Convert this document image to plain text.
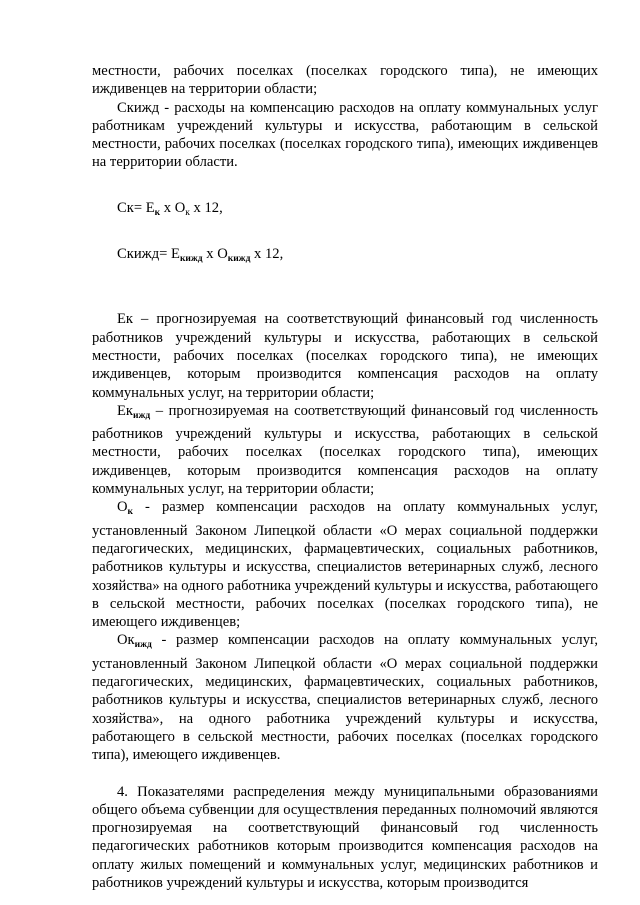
местности, рабочих поселках (поселках городского типа), не имеющих иждивенцев на территории области;

Скижд - расходы на компенсацию расходов на оплату коммунальных услуг работникам учреждений культуры и искусства, работающим в сельской местности, рабочих поселках (поселках городского типа), имеющих иждивенцев на территории области.

$Ск= Е_к$ х $О_к$ х 12,

Скижд= $Е_{кижд}$ х $О_{кижд}$ х 12,

Ек – прогнозируемая на соответствующий финансовый год численность работников учреждений культуры и искусства, работающих в сельской местности, рабочих поселках (поселках городского типа), не имеющих иждивенцев, которым производится компенсация расходов на оплату коммунальных услуг, на территории области;

$Ек_{ижд}$ – прогнозируемая на соответствующий финансовый год численность работников учреждений культуры и искусства, работающих в сельской местности, рабочих поселках (поселках городского типа), имеющих иждивенцев, которым производится компенсация расходов на оплату коммунальных услуг, на территории области;

$О_к$ - размер компенсации расходов на оплату коммунальных услуг, установленный Законом Липецкой области «О мерах социальной поддержки педагогических, медицинских, фармацевтических, социальных работников, работников культуры и искусства, специалистов ветеринарных служб, лесного хозяйства» на одного работника учреждений культуры и искусства, работающего в сельской местности, рабочих поселках (поселках городского типа), не имеющего иждивенцев;

$Ок_{ижд}$ - размер компенсации расходов на оплату коммунальных услуг, установленный Законом Липецкой области «О мерах социальной поддержки педагогических, медицинских, фармацевтических, социальных работников, работников культуры и искусства, специалистов ветеринарных служб, лесного хозяйства», на одного работника учреждений культуры и искусства, работающего в сельской местности, рабочих поселках (поселках городского типа), имеющего иждивенцев.

4. Показателями распределения между муниципальными образованиями общего объема субвенции для осуществления переданных полномочий являются прогнозируемая на соответствующий финансовый год численность педагогических работников которым производится компенсация расходов на оплату жилых помещений и коммунальных услуг, медицинских работников и работников учреждений культуры и искусства, которым производится
